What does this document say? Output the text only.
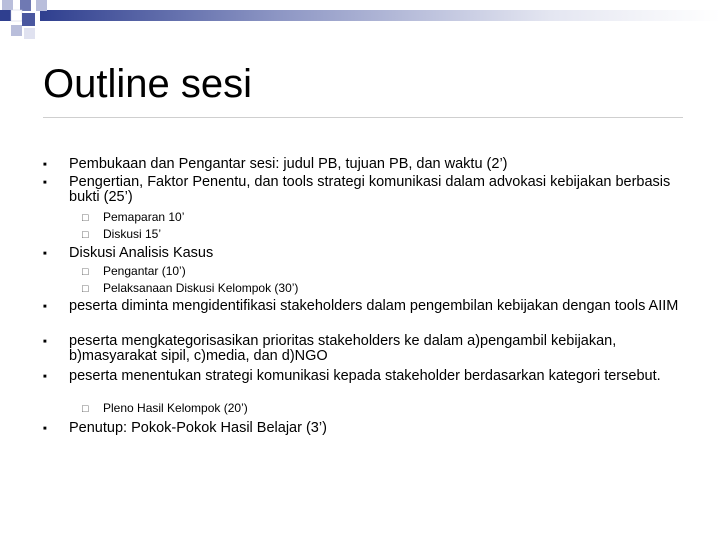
Outline sesi
■ Pembukaan dan Pengantar sesi: judul PB, tujuan PB, dan waktu (2’)
■ Pengertian, Faktor Penentu, dan tools strategi komunikasi dalam advokasi kebijakan berbasis bukti (25’)
□ Pemaparan 10’
□ Diskusi 15’
■ Diskusi Analisis Kasus
□ Pengantar (10’)
□ Pelaksanaan Diskusi Kelompok (30’)
■ peserta diminta mengidentifikasi stakeholders dalam pengembilan kebijakan dengan tools AIIM
■ peserta mengkategorisasikan prioritas stakeholders ke dalam a)pengambil kebijakan, b)masyarakat sipil, c)media, dan d)NGO
■ peserta menentukan strategi komunikasi kepada stakeholder berdasarkan kategori tersebut.
□ Pleno Hasil Kelompok (20’)
■ Penutup: Pokok-Pokok Hasil Belajar (3’)
